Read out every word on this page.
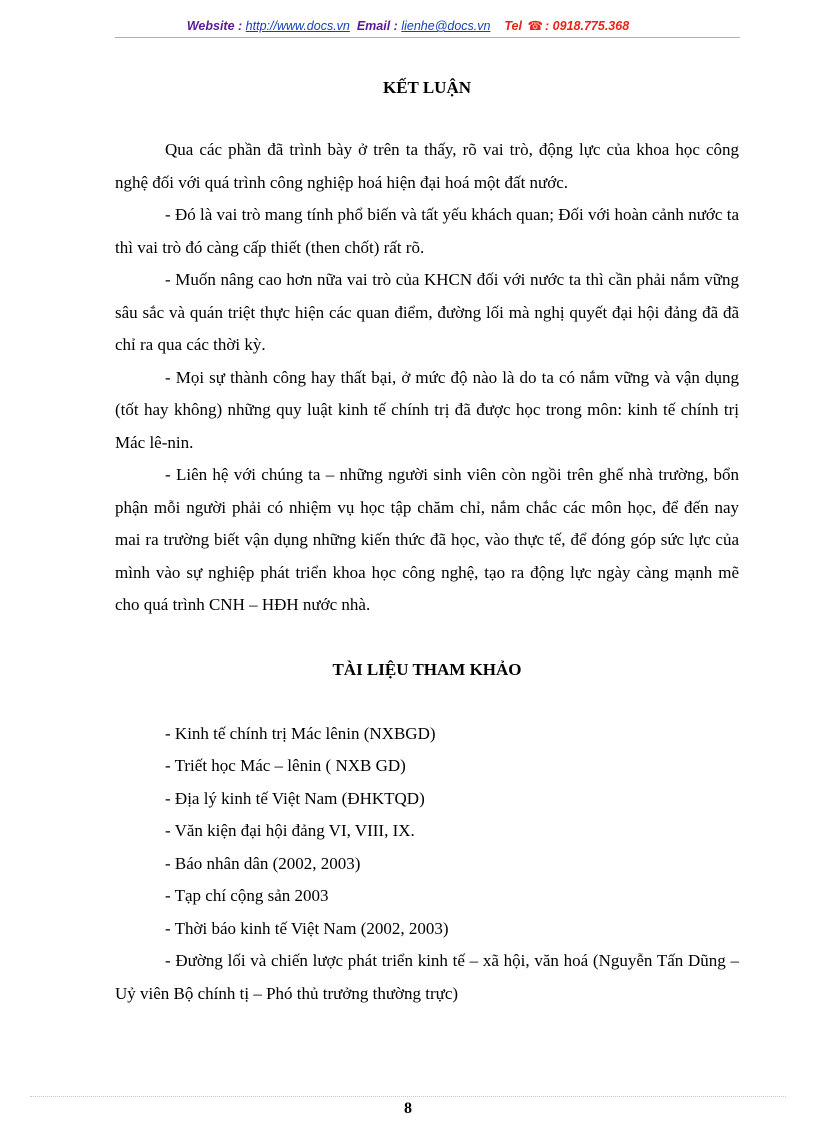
Website : http://www.docs.vn Email : lienhe@docs.vn Tel ☎ : 0918.775.368
KẾT LUẬN

Qua các phần đã trình bày ở trên ta thấy, rõ vai trò, động lực của khoa học công nghệ đối với quá trình công nghiệp hoá hiện đại hoá một đất nước.

- Đó là vai trò mang tính phổ biến và tất yếu khách quan; Đối với hoàn cảnh nước ta thì vai trò đó càng cấp thiết (then chốt) rất rõ.

- Muốn nâng cao hơn nữa vai trò của KHCN đối với nước ta thì cần phải nắm vững sâu sắc và quán triệt thực hiện các quan điểm, đường lối mà nghị quyết đại hội đảng đã đã chỉ ra qua các thời kỳ.

- Mọi sự thành công hay thất bại, ở mức độ nào là do ta có nắm vững và vận dụng (tốt hay không) những quy luật kinh tế chính trị đã được học trong môn: kinh tế chính trị Mác lê-nin.

- Liên hệ với chúng ta – những người sinh viên còn ngồi trên ghế nhà trường, bổn phận mỗi người phải có nhiệm vụ học tập chăm chỉ, nắm chắc các môn học, để đến nay mai ra trường biết vận dụng những kiến thức đã học, vào thực tế, để đóng góp sức lực của mình vào sự nghiệp phát triển khoa học công nghệ, tạo ra động lực ngày càng mạnh mẽ cho quá trình CNH – HĐH nước nhà.

TÀI LIỆU THAM KHẢO

- Kinh tế chính trị Mác lênin (NXBGD)

- Triết học Mác – lênin ( NXB GD)

- Địa lý kinh tế Việt Nam (ĐHKTQD)

- Văn kiện đại hội đảng VI, VIII, IX.

- Báo nhân dân (2002, 2003)

- Tạp chí cộng sản 2003

- Thời báo kinh tế Việt Nam (2002, 2003)

- Đường lối và chiến lược phát triển kinh tế – xã hội, văn hoá (Nguyễn Tấn Dũng – Uỷ viên Bộ chính tị – Phó thủ trưởng thường trực)

8
